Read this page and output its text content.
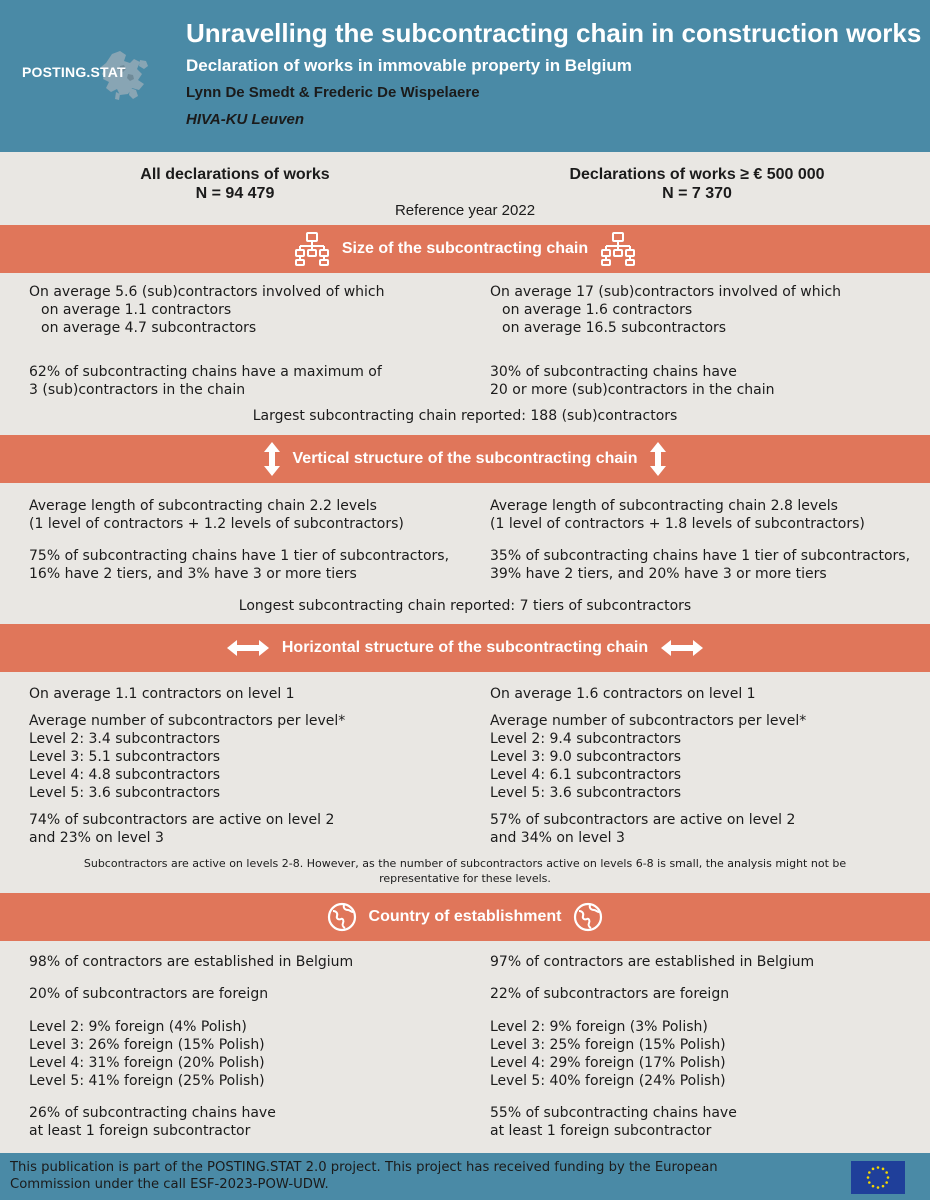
POSTING.STAT
Unravelling the subcontracting chain in construction works
Declaration of works in immovable property in Belgium
Lynn De Smedt & Frederic De Wispelaere
HIVA-KU Leuven
All declarations of works
N = 94 479
Declarations of works ≥ € 500 000
N = 7 370
Reference year 2022
Size of the subcontracting chain
On average 5.6 (sub)contractors involved of which
on average 1.1 contractors
on average 4.7 subcontractors
62% of subcontracting chains have a maximum of
3 (sub)contractors in the chain
On average 17 (sub)contractors involved of which
on average 1.6 contractors
on average 16.5 subcontractors
30% of subcontracting chains have
20 or more (sub)contractors in the chain
Largest subcontracting chain reported: 188 (sub)contractors
Vertical structure of the subcontracting chain
Average length of subcontracting chain 2.2 levels
(1 level of contractors + 1.2 levels of subcontractors)
75% of subcontracting chains have 1 tier of subcontractors,
16% have 2 tiers, and 3% have 3 or more tiers
Average length of subcontracting chain 2.8 levels
(1 level of contractors + 1.8 levels of subcontractors)
35% of subcontracting chains have 1 tier of subcontractors,
39% have 2 tiers, and 20% have 3 or more tiers
Longest subcontracting chain reported: 7 tiers of subcontractors
Horizontal structure of the subcontracting chain
On average 1.1 contractors on level 1
Average number of subcontractors per level*
Level 2: 3.4 subcontractors
Level 3: 5.1 subcontractors
Level 4: 4.8 subcontractors
Level 5: 3.6 subcontractors
74% of subcontractors are active on level 2
and 23% on level 3
On average 1.6 contractors on level 1
Average number of subcontractors per level*
Level 2: 9.4 subcontractors
Level 3: 9.0 subcontractors
Level 4: 6.1 subcontractors
Level 5: 3.6 subcontractors
57% of subcontractors are active on level 2
and 34% on level 3
Subcontractors are active on levels 2-8. However, as the number of subcontractors active on levels 6-8 is small, the analysis might not be
representative for these levels.
Country of establishment
98% of contractors are established in Belgium
20% of subcontractors are foreign
Level 2: 9% foreign (4% Polish)
Level 3: 26% foreign (15% Polish)
Level 4: 31% foreign (20% Polish)
Level 5: 41% foreign (25% Polish)
26% of subcontracting chains have
at least 1 foreign subcontractor
97% of contractors are established in Belgium
22% of subcontractors are foreign
Level 2: 9% foreign (3% Polish)
Level 3: 25% foreign (15% Polish)
Level 4: 29% foreign (17% Polish)
Level 5: 40% foreign (24% Polish)
55% of subcontracting chains have
at least 1 foreign subcontractor
This publication is part of the POSTING.STAT 2.0 project. This project has received funding by the European
Commission under the call ESF-2023-POW-UDW.
